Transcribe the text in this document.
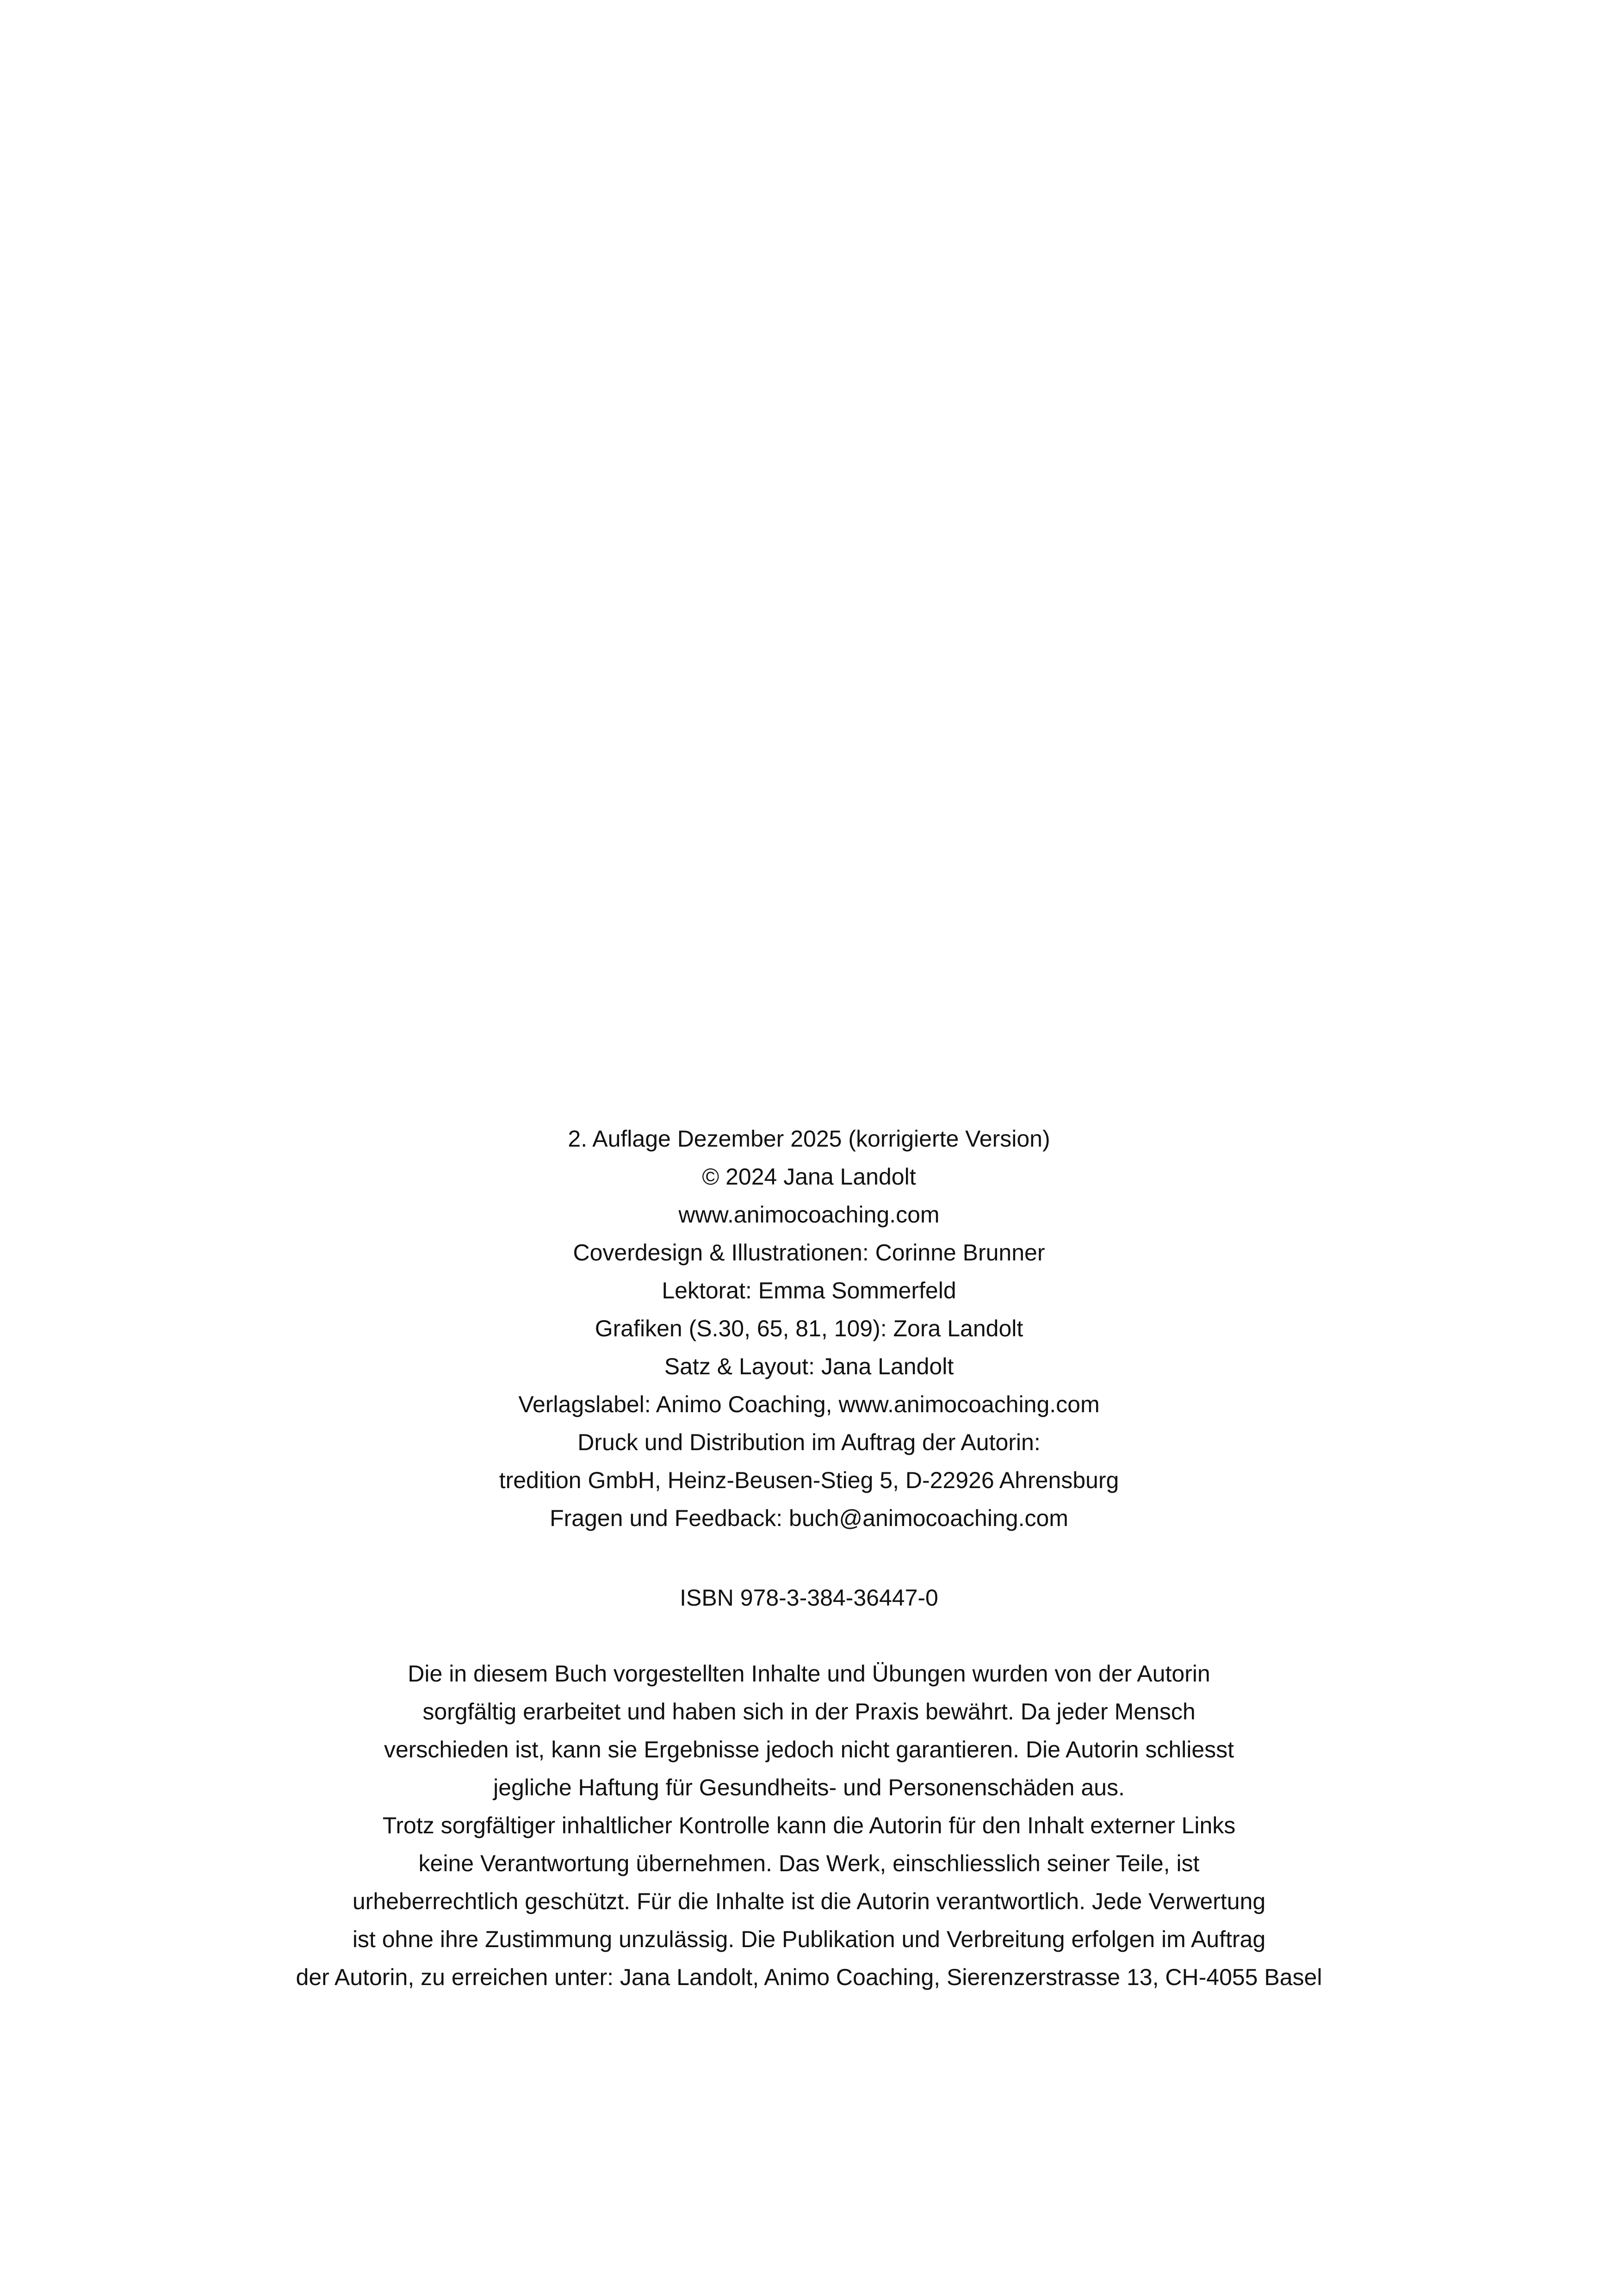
2. Auflage Dezember 2025 (korrigierte Version)
© 2024 Jana Landolt
www.animocoaching.com
Coverdesign & Illustrationen: Corinne Brunner
Lektorat: Emma Sommerfeld
Grafiken (S.30, 65, 81, 109): Zora Landolt
Satz & Layout: Jana Landolt
Verlagslabel: Animo Coaching, www.animocoaching.com
Druck und Distribution im Auftrag der Autorin:
tredition GmbH, Heinz-Beusen-Stieg 5, D-22926 Ahrensburg
Fragen und Feedback: buch@animocoaching.com
ISBN 978-3-384-36447-0
Die in diesem Buch vorgestellten Inhalte und Übungen wurden von der Autorin
sorgfältig erarbeitet und haben sich in der Praxis bewährt. Da jeder Mensch
verschieden ist, kann sie Ergebnisse jedoch nicht garantieren. Die Autorin schliesst
jegliche Haftung für Gesundheits- und Personenschäden aus.
Trotz sorgfältiger inhaltlicher Kontrolle kann die Autorin für den Inhalt externer Links
keine Verantwortung übernehmen. Das Werk, einschliesslich seiner Teile, ist
urheberrechtlich geschützt. Für die Inhalte ist die Autorin verantwortlich. Jede Verwertung
ist ohne ihre Zustimmung unzulässig. Die Publikation und Verbreitung erfolgen im Auftrag
der Autorin, zu erreichen unter: Jana Landolt, Animo Coaching, Sierenzerstrasse 13, CH-4055 Basel
